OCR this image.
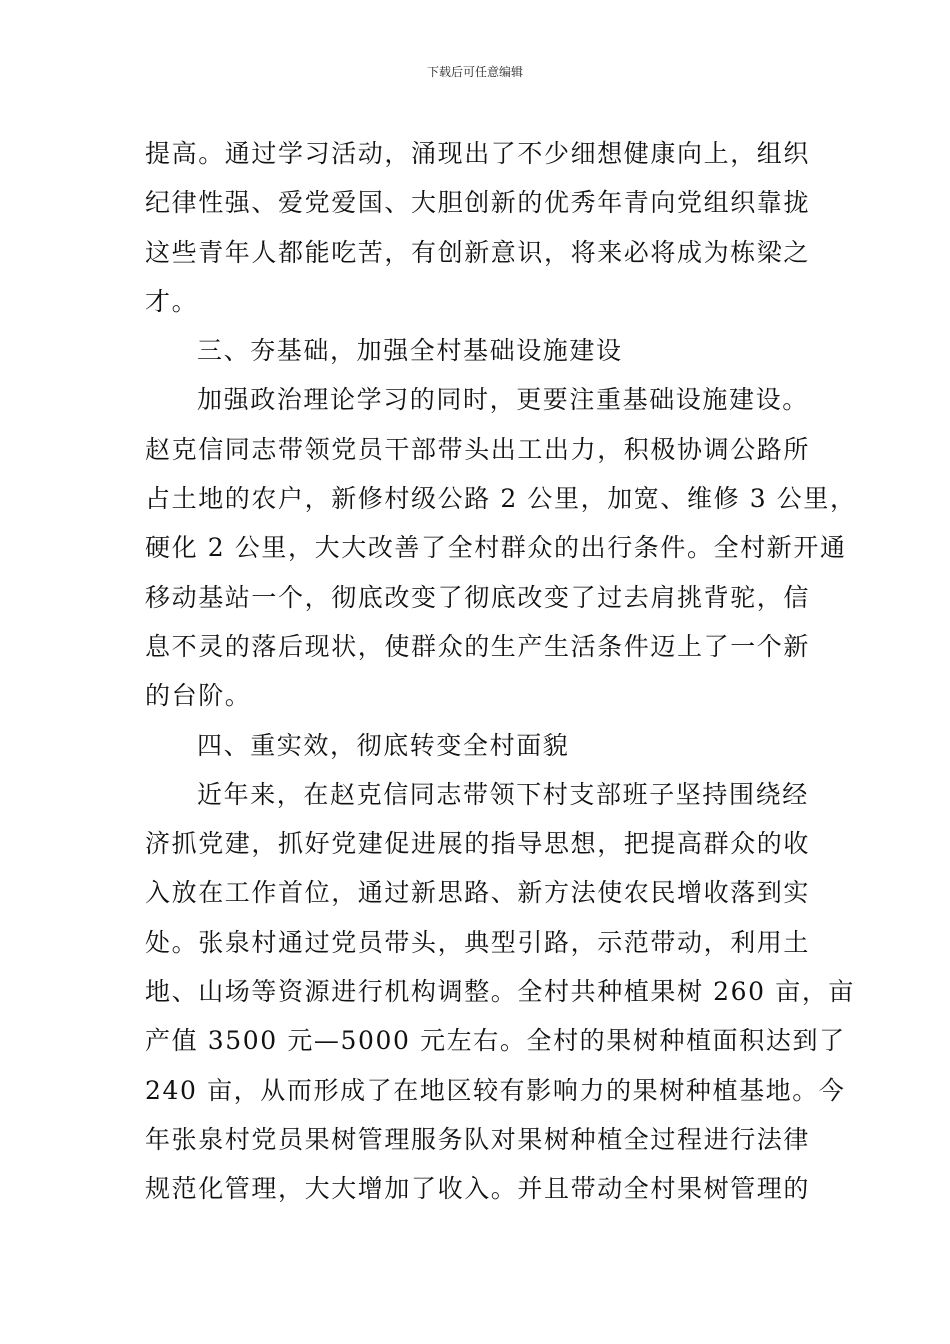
下载后可任意编辑
提高。通过学习活动，涌现出了不少细想健康向上，组织
纪律性强、爱党爱国、大胆创新的优秀年青向党组织靠拢
这些青年人都能吃苦，有创新意识，将来必将成为栋梁之
才。
三、夯基础，加强全村基础设施建设
加强政治理论学习的同时，更要注重基础设施建设。
赵克信同志带领党员干部带头出工出力，积极协调公路所
占土地的农户，新修村级公路 2 公里，加宽、维修 3 公里，
硬化 2 公里，大大改善了全村群众的出行条件。全村新开通
移动基站一个，彻底改变了彻底改变了过去肩挑背驼，信
息不灵的落后现状，使群众的生产生活条件迈上了一个新
的台阶。
四、重实效，彻底转变全村面貌
近年来，在赵克信同志带领下村支部班子坚持围绕经
济抓党建，抓好党建促进展的指导思想，把提高群众的收
入放在工作首位，通过新思路、新方法使农民增收落到实
处。张泉村通过党员带头，典型引路，示范带动，利用土
地、山场等资源进行机构调整。全村共种植果树 260 亩，亩
产值 3500 元—5000 元左右。全村的果树种植面积达到了
240 亩，从而形成了在地区较有影响力的果树种植基地。今
年张泉村党员果树管理服务队对果树种植全过程进行法律
规范化管理，大大增加了收入。并且带动全村果树管理的
